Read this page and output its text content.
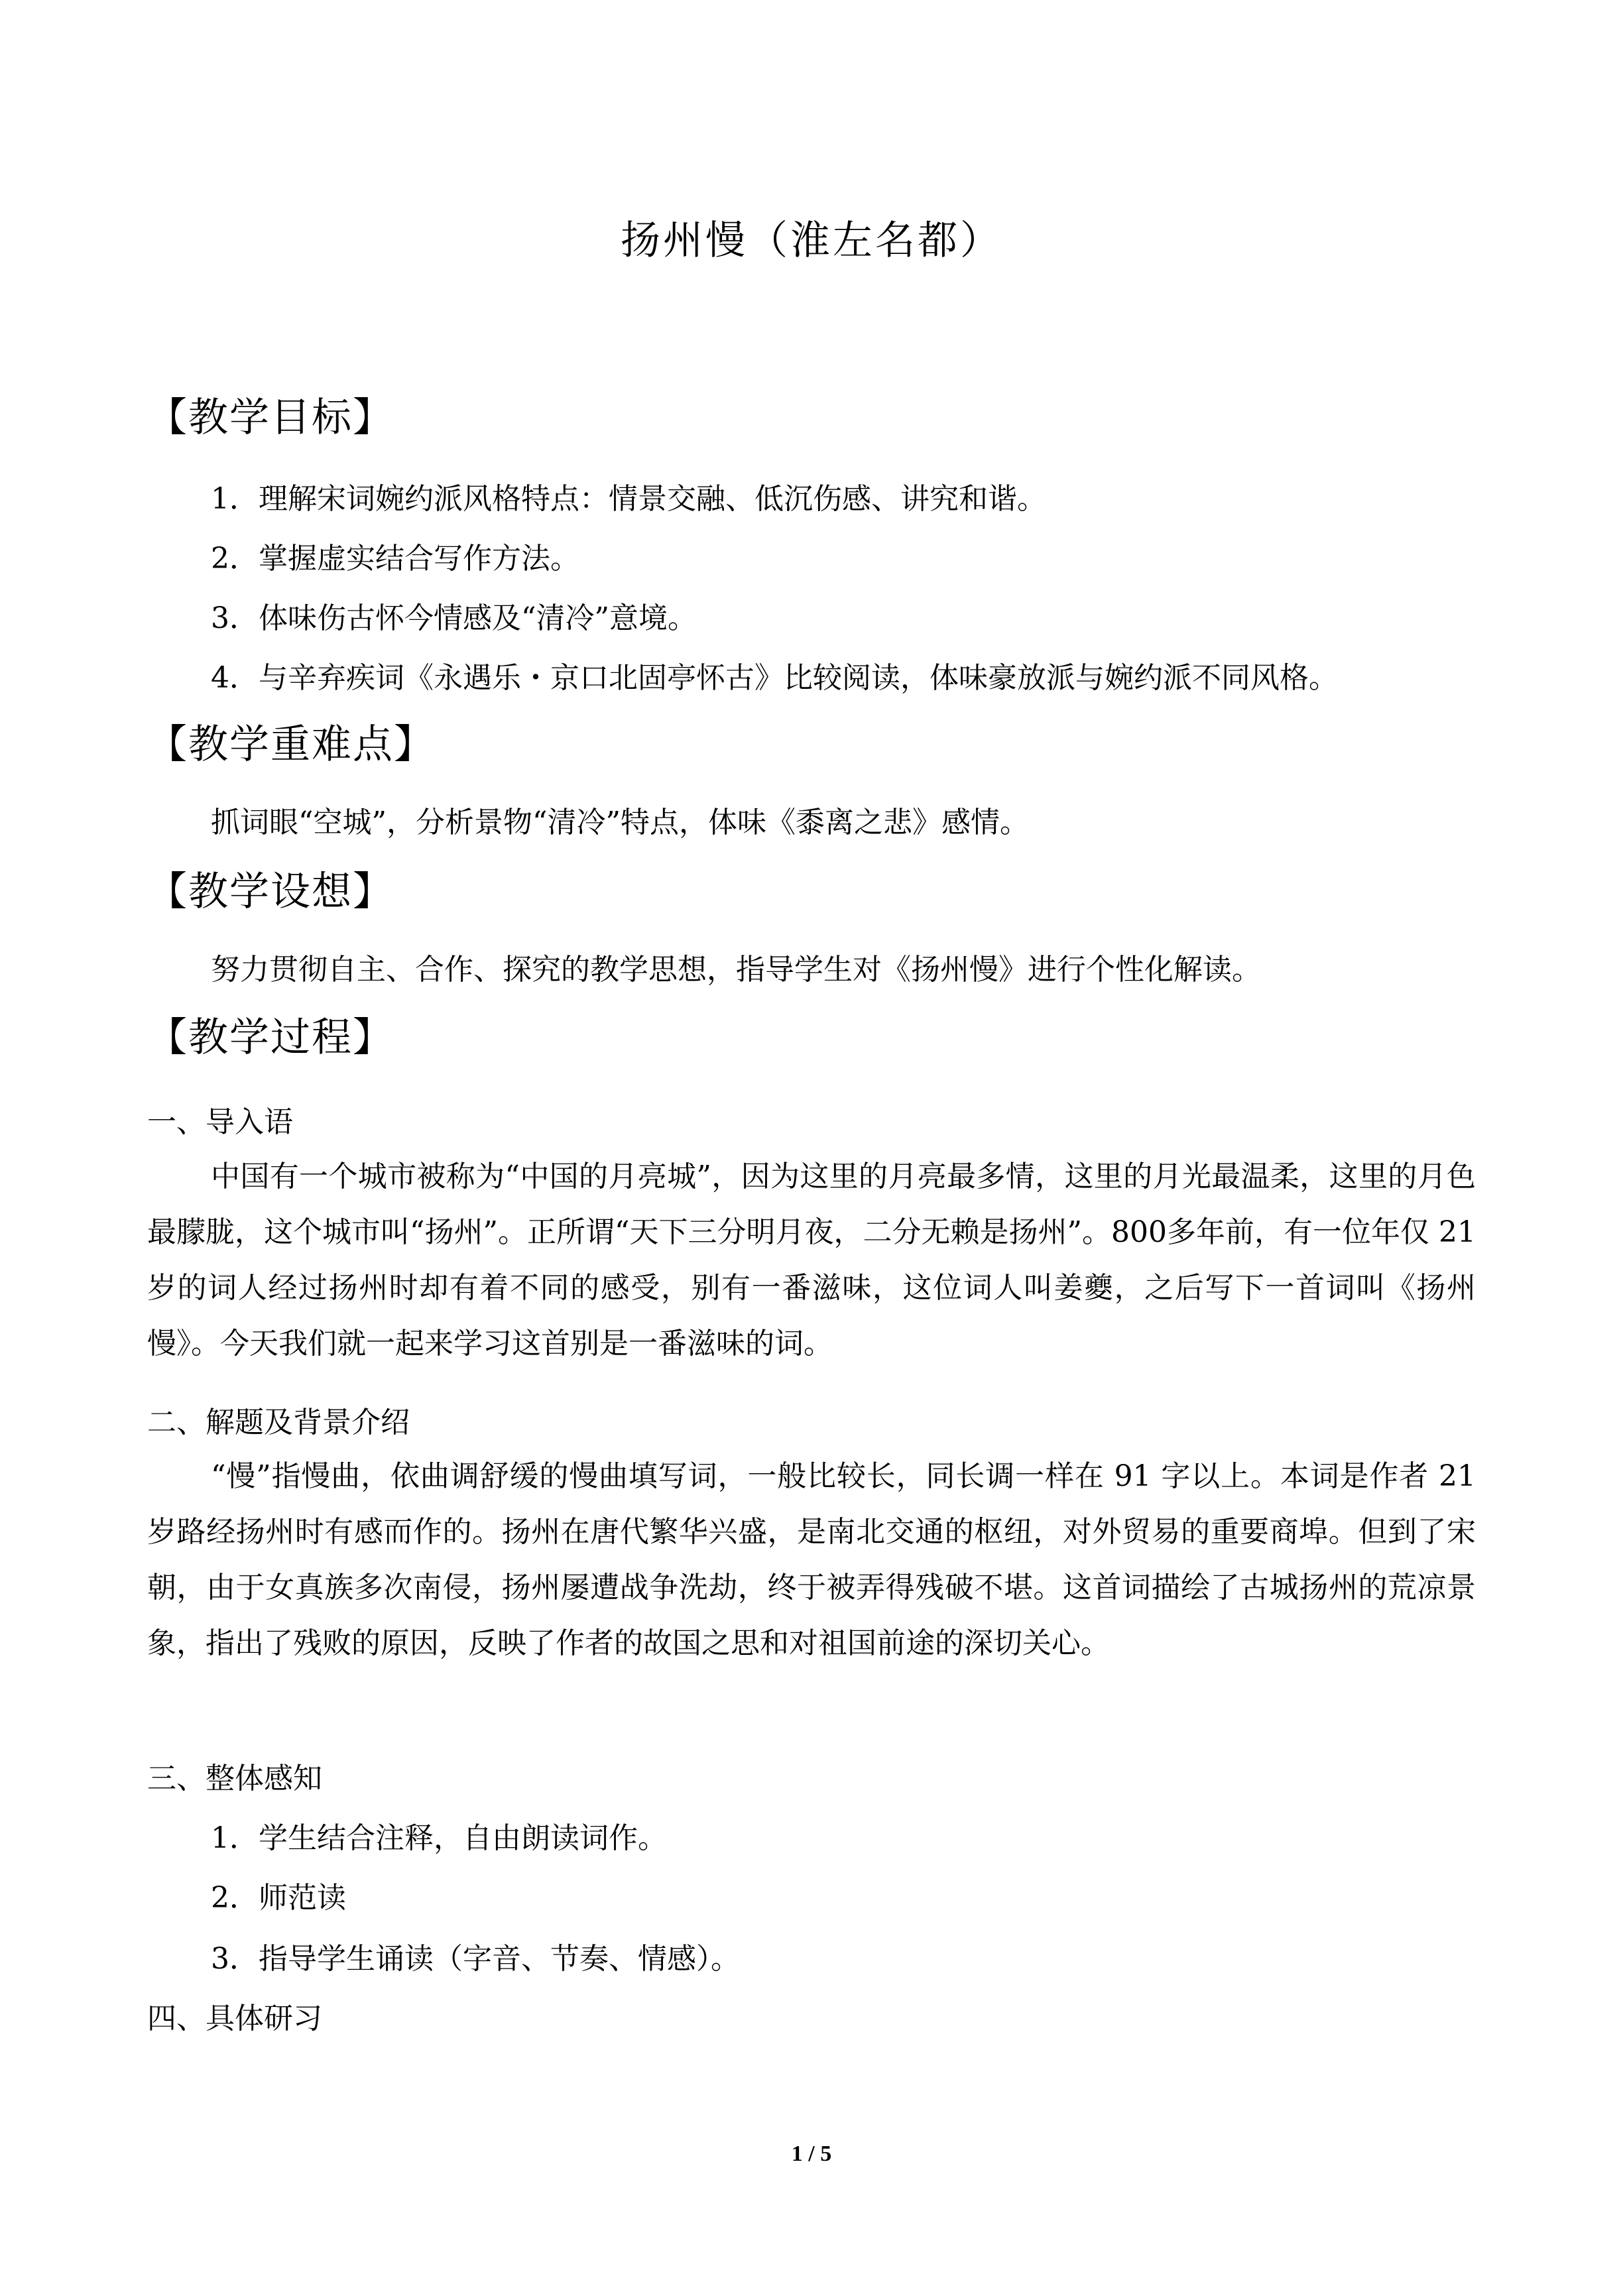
扬州慢（淮左名都）
【教学目标】
1．理解宋词婉约派风格特点：情景交融、低沉伤感、讲究和谐。
2．掌握虚实结合写作方法。
3．体味伤古怀今情感及“清冷”意境。
4．与辛弃疾词《永遇乐・京口北固亭怀古》比较阅读，体味豪放派与婉约派不同风格。
【教学重难点】
抓词眼“空城”，分析景物“清冷”特点，体味《黍离之悲》感情。
【教学设想】
努力贯彻自主、合作、探究的教学思想，指导学生对《扬州慢》进行个性化解读。
【教学过程】
一、导入语
中国有一个城市被称为“中国的月亮城”，因为这里的月亮最多情，这里的月光最温柔，这里的月色最朦胧，这个城市叫“扬州”。正所谓“天下三分明月夜，二分无赖是扬州”。800多年前，有一位年仅 21 岁的词人经过扬州时却有着不同的感受，别有一番滋味，这位词人叫姜夔，之后写下一首词叫《扬州慢》。今天我们就一起来学习这首别是一番滋味的词。
二、解题及背景介绍
“慢”指慢曲，依曲调舒缓的慢曲填写词，一般比较长，同长调一样在 91 字以上。本词是作者 21 岁路经扬州时有感而作的。扬州在唐代繁华兴盛，是南北交通的枢纽，对外贸易的重要商埠。但到了宋朝，由于女真族多次南侵，扬州屡遭战争洗劫，终于被弄得残破不堪。这首词描绘了古城扬州的荒凉景象，指出了残败的原因，反映了作者的故国之思和对祖国前途的深切关心。
三、整体感知
1．学生结合注释，自由朗读词作。
2．师范读
3．指导学生诵读（字音、节奏、情感）。
四、具体研习
1 / 5
